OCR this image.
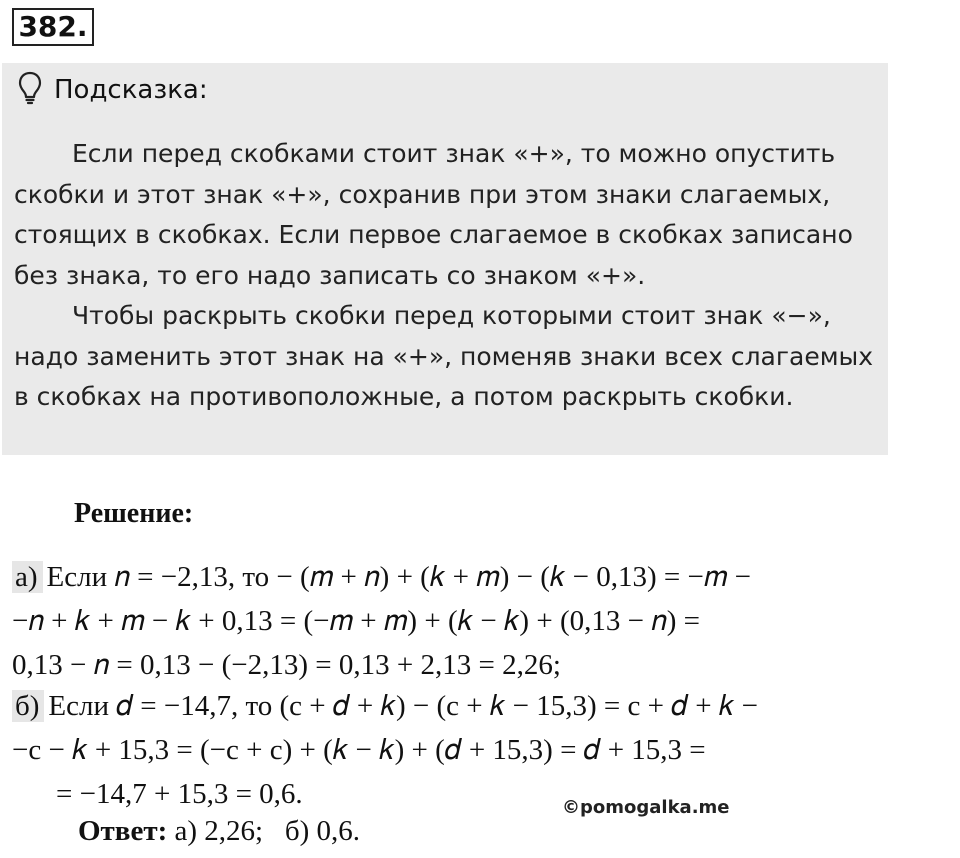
382.
Подсказка:

Если перед скобками стоит знак «+», то можно опустить скобки и этот знак «+», сохранив при этом знаки слагаемых, стоящих в скобках. Если первое слагаемое в скобках записано без знака, то его надо записать со знаком «+».

Чтобы раскрыть скобки перед которыми стоит знак «−», надо заменить этот знак на «+», поменяв знаки всех слагаемых в скобках на противоположные, а потом раскрыть скобки.

Решение:
а) Если 𝑛 = −2,13, то − (𝑚 + 𝑛) + (𝑘 + 𝑚) − (𝑘 − 0,13) = −𝑚 −
−𝑛 + 𝑘 + 𝑚 − 𝑘 + 0,13 = (−𝑚 + 𝑚) + (𝑘 − 𝑘) + (0,13 − 𝑛) =
0,13 − 𝑛 = 0,13 − (−2,13) = 0,13 + 2,13 = 2,26;
б) Если 𝑑 = −14,7, то (c + 𝑑 + 𝑘) − (c + 𝑘 − 15,3) = c + 𝑑 + 𝑘 −
−c − 𝑘 + 15,3 = (−c + c) + (𝑘 − 𝑘) + (𝑑 + 15,3) = 𝑑 + 15,3 =
= −14,7 + 15,3 = 0,6.	©pomogalka.me
Ответ: а) 2,26; б) 0,6.
